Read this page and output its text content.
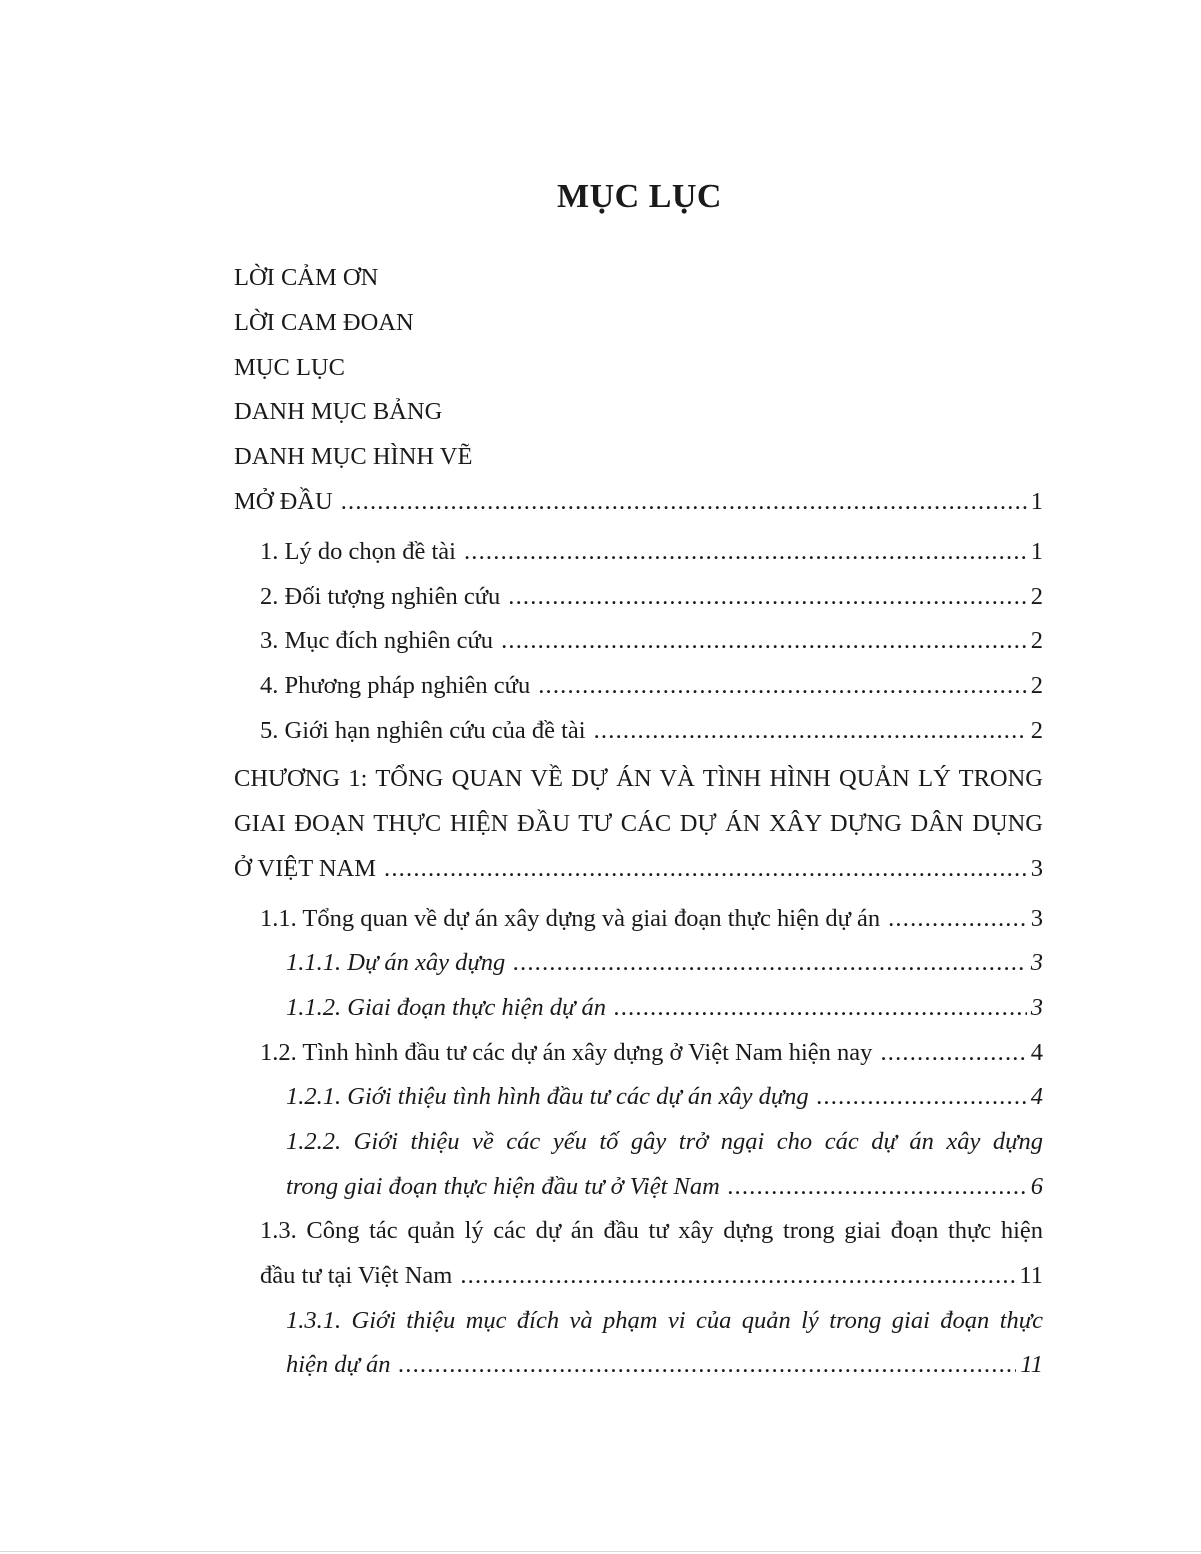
MỤC LỤC
LỜI CẢM ƠN
LỜI CAM ĐOAN
MỤC LỤC
DANH MỤC BẢNG
DANH MỤC HÌNH VẼ
MỞ ĐẦU .....	1
1. Lý do chọn đề tài .....	1
2. Đối tượng nghiên cứu .....	2
3. Mục đích nghiên cứu .....	2
4. Phương pháp nghiên cứu .....	2
5. Giới hạn nghiên cứu của đề tài .....	2
CHƯƠNG 1: TỔNG QUAN VỀ DỰ ÁN VÀ TÌNH HÌNH QUẢN LÝ TRONG
GIAI ĐOẠN THỰC HIỆN ĐẦU TƯ CÁC DỰ ÁN XÂY DỰNG DÂN DỤNG
Ở VIỆT NAM .....	3
1.1. Tổng quan về dự án xây dựng và giai đoạn thực hiện dự án .....	3
1.1.1. Dự án xây dựng .....	3
1.1.2. Giai đoạn thực hiện dự án .....	3
1.2. Tình hình đầu tư các dự án xây dựng ở Việt Nam hiện nay .....	4
1.2.1. Giới thiệu tình hình đầu tư các dự án xây dựng .....	4
1.2.2. Giới thiệu về các yếu tố gây trở ngại cho các dự án xây dựng
trong giai đoạn thực hiện đầu tư ở Việt Nam .....	6
1.3. Công tác quản lý các dự án đầu tư xây dựng trong giai đoạn thực hiện
đầu tư tại Việt Nam .....	11
1.3.1. Giới thiệu mục đích và phạm vi của quản lý trong giai đoạn thực
hiện dự án .....	11
